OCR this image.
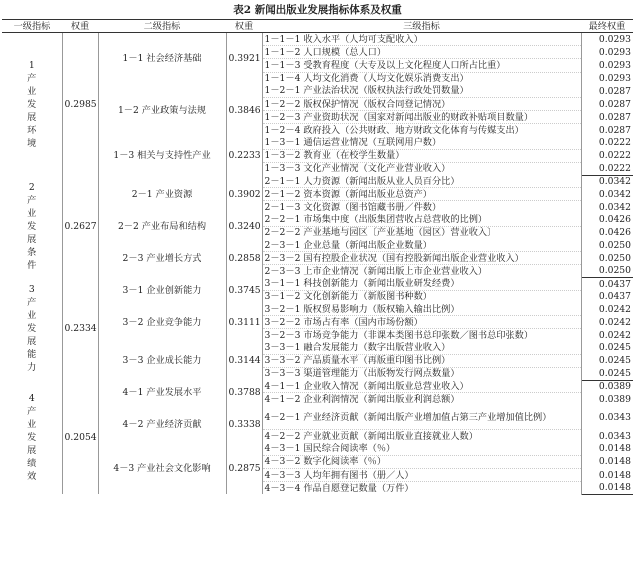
表2 新闻出版业发展指标体系及权重
一级指标	权重	二级指标	权重	三级指标	最终权重
1 产 业 发 展 环 境	0.2985	1－1 社会经济基础	0.3921	1－1－1 收入水平（人均可支配收入）	0.0293
				1－1－2 人口规模（总人口）	0.0293
				1－1－3 受教育程度（大专及以上文化程度人口所占比重）	0.0293
				1－1－4 人均文化消费（人均文化娱乐消费支出）	0.0293
		1－2 产业政策与法规	0.3846	1－2－1 产业法治状况（版权执法行政处罚数量）	0.0287
				1－2－2 版权保护情况（版权合同登记情况）	0.0287
				1－2－3 产业资助状况（国家对新闻出版业的财政补贴项目数量）	0.0287
				1－2－4 政府投入（公共财政、地方财政文化体育与传媒支出）	0.0287
		1－3 相关与支持性产业	0.2233	1－3－1 通信运营业情况（互联网用户数）	0.0222
				1－3－2 教育业（在校学生数量）	0.0222
				1－3－3 文化产业情况（文化产业营业收入）	0.0222
2 产 业 发 展 条 件	0.2627	2－1 产业资源	0.3902	2－1－1 人力资源（新闻出版从业人员百分比）	0.0342
				2－1－2 资本资源（新闻出版业总资产）	0.0342
				2－1－3 文化资源（图书馆藏书册／件数）	0.0342
		2－2 产业布局和结构	0.3240	2－2－1 市场集中度（出版集团营收占总营收的比例）	0.0426
				2－2－2 产业基地与园区〔产业基地（园区）营业收入〕	0.0426
		2－3 产业增长方式	0.2858	2－3－1 企业总量（新闻出版企业数量）	0.0250
				2－3－2 国有控股企业状况（国有控股新闻出版企业营业收入）	0.0250
				2－3－3 上市企业情况（新闻出版上市企业营业收入）	0.0250
3 产 业 发 展 能 力	0.2334	3－1 企业创新能力	0.3745	3－1－1 科技创新能力（新闻出版业研发经费）	0.0437
				3－1－2 文化创新能力（新版图书种数）	0.0437
		3－2 企业竞争能力	0.3111	3－2－1 版权贸易影响力（版权输入输出比例）	0.0242
				3－2－2 市场占有率（国内市场份额）	0.0242
				3－2－3 市场竞争能力（非课本类图书总印张数／图书总印张数）	0.0242
		3－3 企业成长能力	0.3144	3－3－1 融合发展能力（数字出版营业收入）	0.0245
				3－3－2 产品质量水平（再版重印图书比例）	0.0245
				3－3－3 渠道管理能力（出版物发行网点数量）	0.0245
4 产 业 发 展 绩 效	0.2054	4－1 产业发展水平	0.3788	4－1－1 企业收入情况（新闻出版业总营业收入）	0.0389
				4－1－2 企业利润情况（新闻出版业利润总额）	0.0389
		4－2 产业经济贡献	0.3338	4－2－1 产业经济贡献（新闻出版产业增加值占第三产业增加值比例）	0.0343
				4－2－2 产业就业贡献（新闻出版业直接就业人数）	0.0343
		4－3 产业社会文化影响	0.2875	4－3－1 国民综合阅读率（％）	0.0148
				4－3－2 数字化阅读率（％）	0.0148
				4－3－3 人均年拥有图书（册／人）	0.0148
				4－3－4 作品自愿登记数量（万件）	0.0148
